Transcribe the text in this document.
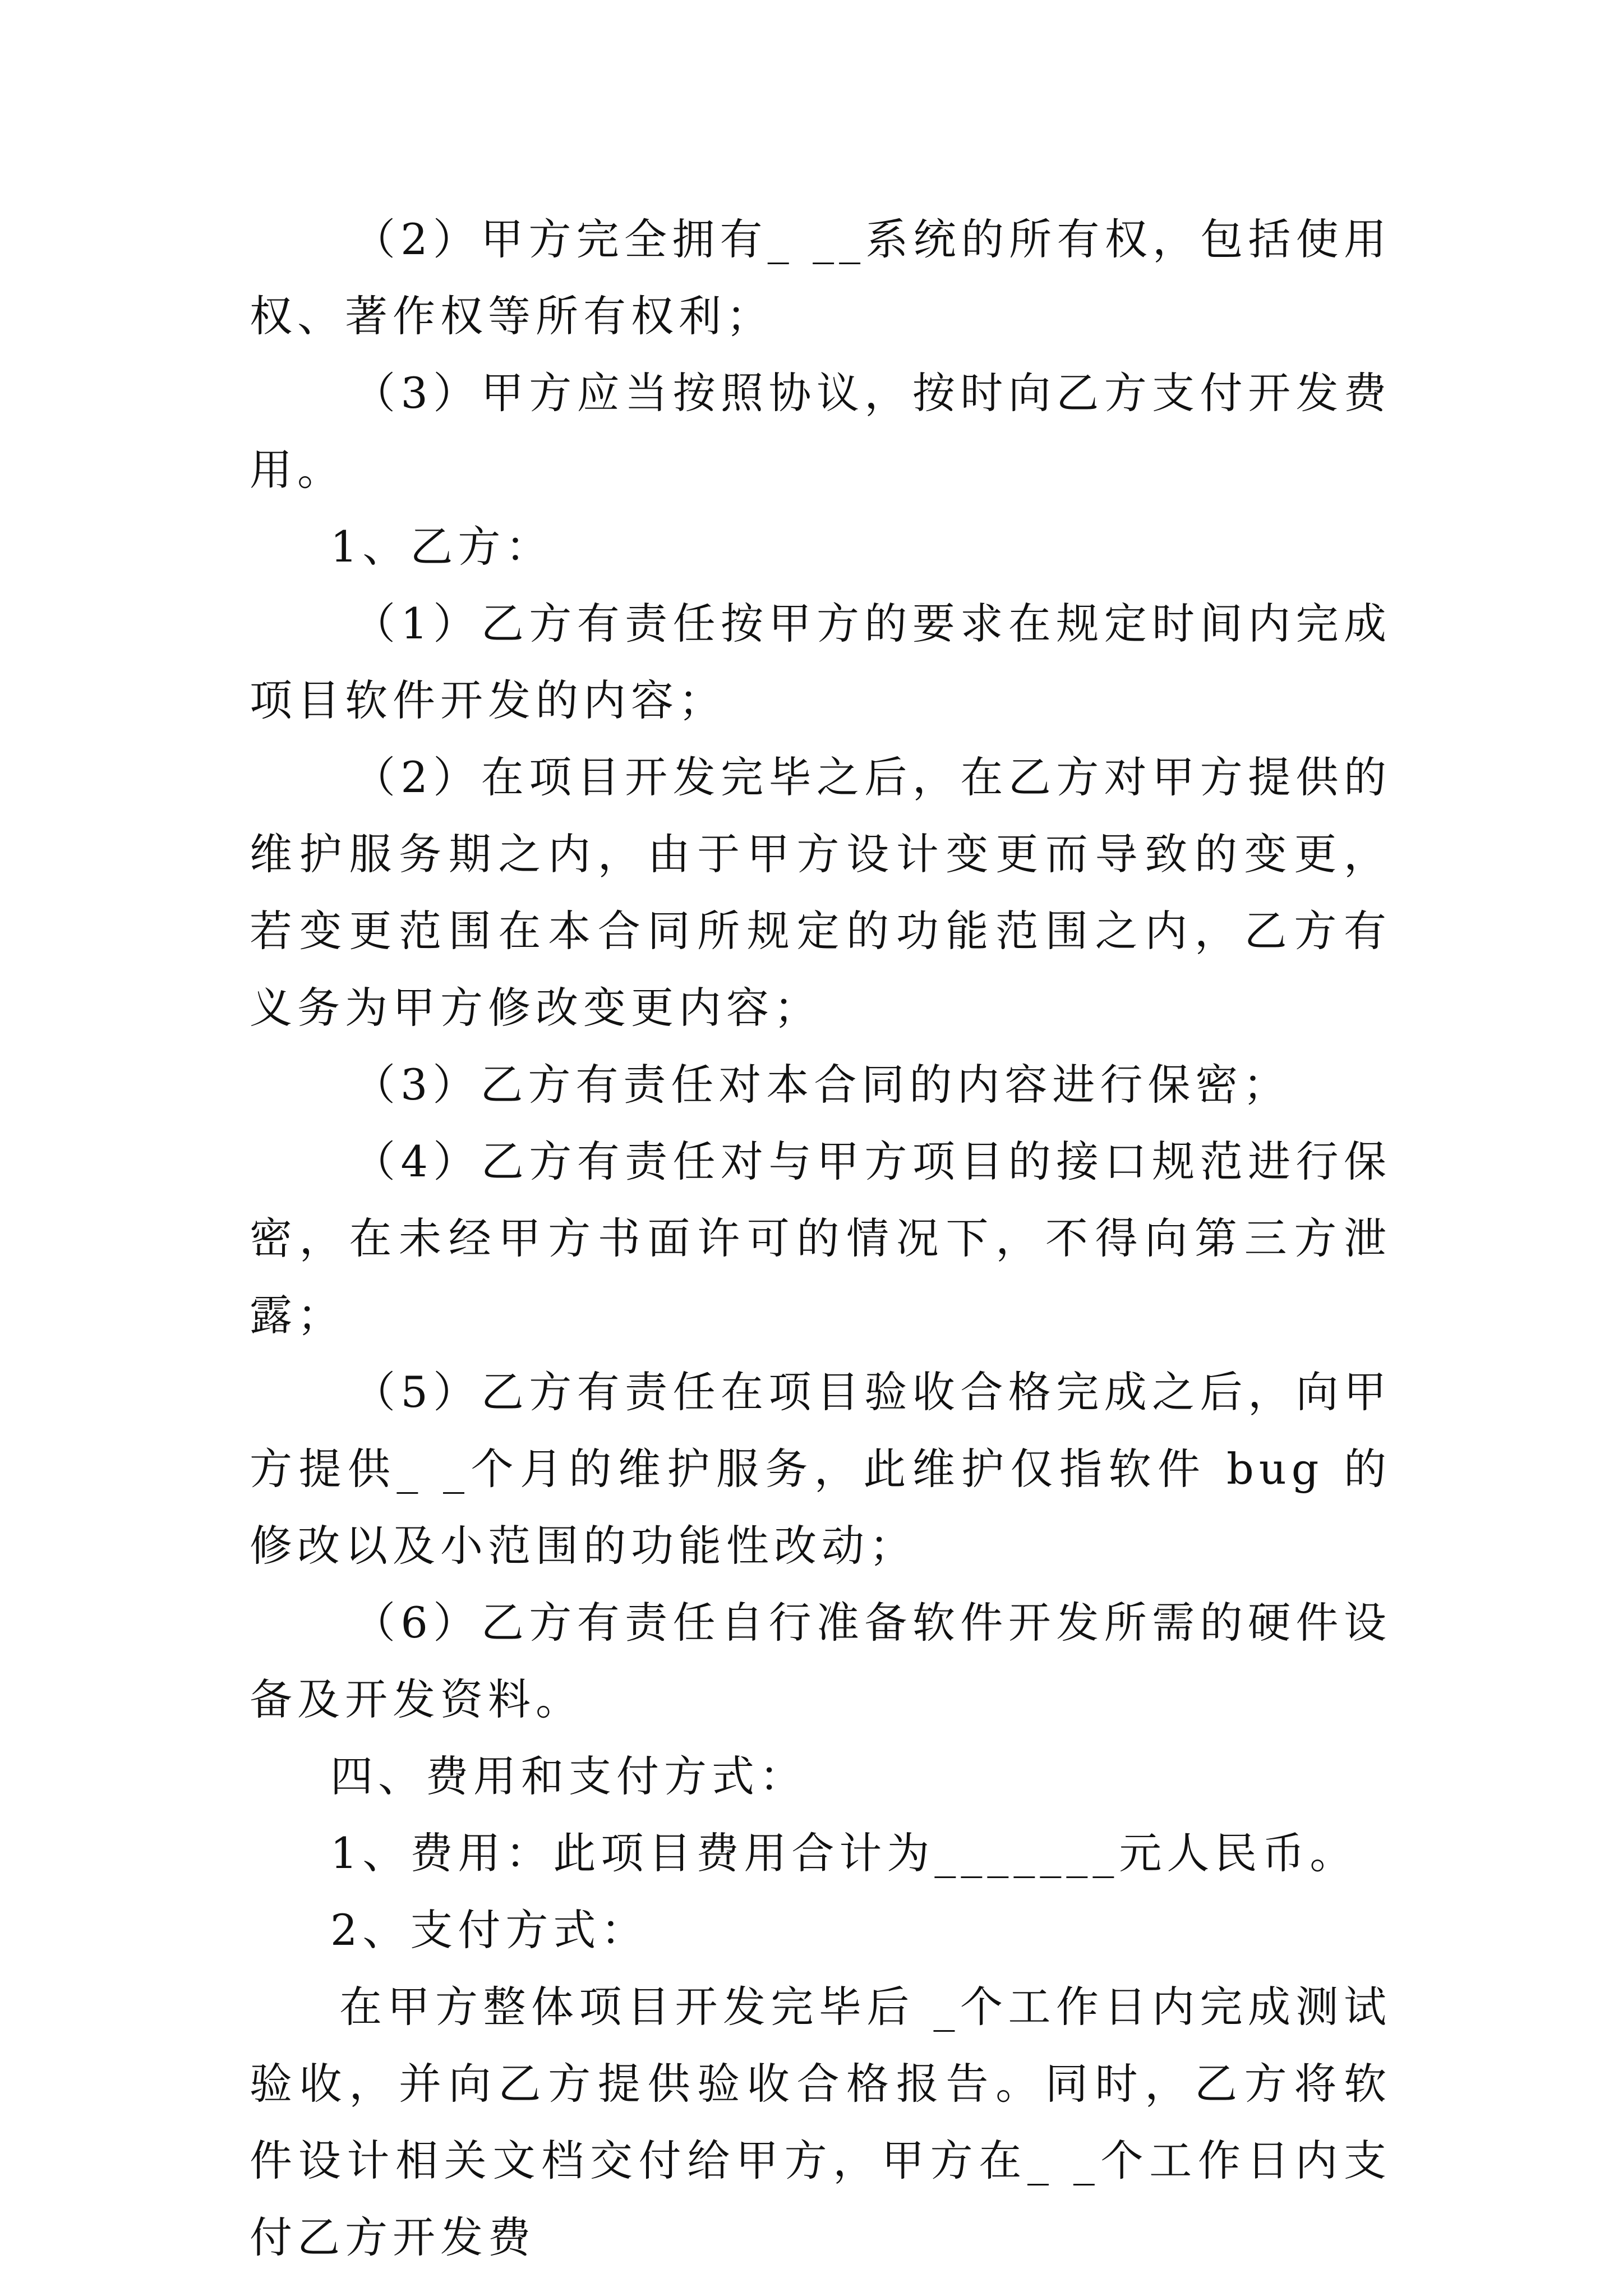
（2）甲方完全拥有_ __系统的所有权，包括使用权、著作权等所有权利；

（3）甲方应当按照协议，按时向乙方支付开发费用。

1、乙方：

（1）乙方有责任按甲方的要求在规定时间内完成项目软件开发的内容；

（2）在项目开发完毕之后，在乙方对甲方提供的维护服务期之内，由于甲方设计变更而导致的变更，若变更范围在本合同所规定的功能范围之内，乙方有义务为甲方修改变更内容；

（3）乙方有责任对本合同的内容进行保密；

（4）乙方有责任对与甲方项目的接口规范进行保密，在未经甲方书面许可的情况下，不得向第三方泄露；

（5）乙方有责任在项目验收合格完成之后，向甲方提供_ _个月的维护服务，此维护仅指软件 bug 的修改以及小范围的功能性改动；

（6）乙方有责任自行准备软件开发所需的硬件设备及开发资料。

四、费用和支付方式：

1、费用：此项目费用合计为_______元人民币。

2、支付方式：

在甲方整体项目开发完毕后 _个工作日内完成测试验收，并向乙方提供验收合格报告。同时，乙方将软件设计相关文档交付给甲方，甲方在_ _个工作日内支付乙方开发费
